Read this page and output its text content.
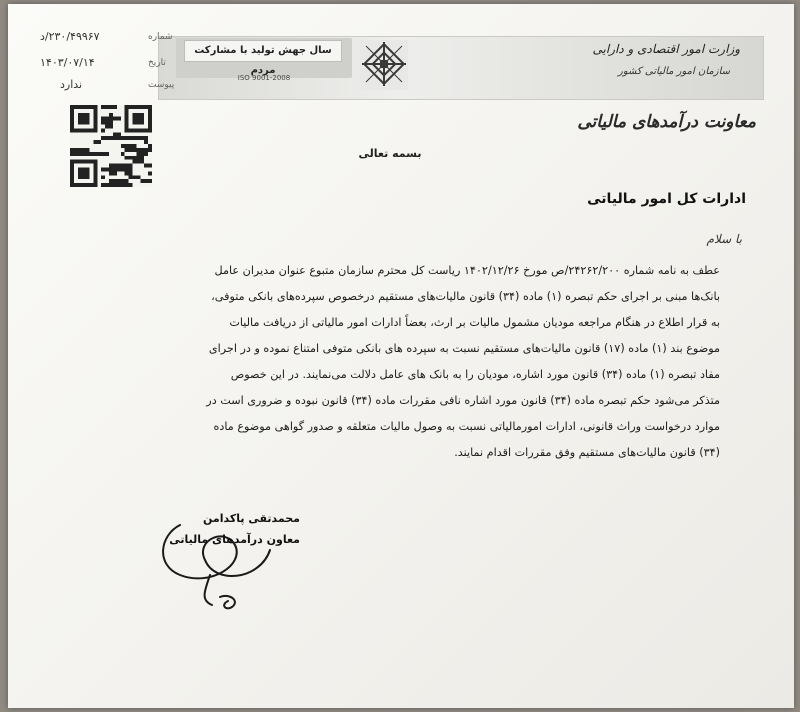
سال جهش تولید با مشارکت مردم
ISO 9001-2008
وزارت امور اقتصادی و دارایی
سازمان امور مالیاتی کشور
۲۳۰/۴۹۹۶۷/د	شماره
۱۴۰۳/۰۷/۱۴	تاریخ
ندارد	پیوست
معاونت درآمدهای مالیاتی
بسمه تعالی
ادارات کل امور مالیاتی
با سلام

عطف به نامه شماره ۲۴۲۶۲/۲۰۰/ص مورخ ۱۴۰۲/۱۲/۲۶ ریاست کل محترم سازمان متبوع عنوان مدیران عامل

بانک‌ها مبنی بر اجرای حکم تبصره (۱) ماده (۳۴) قانون مالیات‌های مستقیم درخصوص سپرده‌های بانکی متوفی،

به قرار اطلاع در هنگام مراجعه مودیان مشمول مالیات بر ارث، بعضاً ادارات امور مالیاتی از دریافت مالیات

موضوع بند (۱) ماده (۱۷) قانون مالیات‌های مستقیم نسبت به سپرده های بانکی متوفی امتناع نموده و در اجرای

مفاد تبصره (۱) ماده (۳۴) قانون مورد اشاره، مودیان را به بانک های عامل دلالت می‌نمایند. در این خصوص

متذکر می‌شود حکم تبصره ماده (۳۴) قانون مورد اشاره نافی مقررات ماده (۳۴) قانون نبوده و ضروری است در

موارد درخواست وراث قانونی، ادارات امورمالیاتی نسبت به وصول مالیات متعلقه و صدور گواهی موضوع ماده

(۳۴) قانون مالیات‌های مستقیم وفق مقررات اقدام نمایند.

محمدتقی پاکدامن
معاون درآمدهای مالیاتی
